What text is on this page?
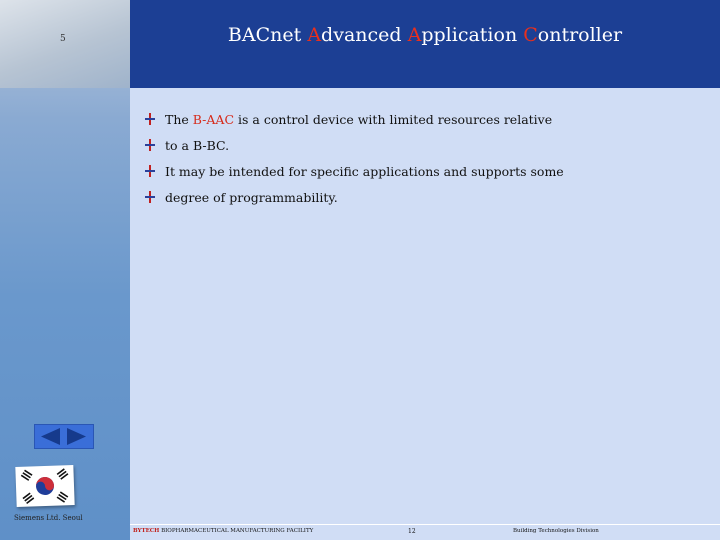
5
Siemens Ltd. Seoul
BACnet Advanced Application Controller
The B-AAC is a control device with limited resources relative
to a B-BC.
It may be intended for specific applications and supports some
degree of programmability.
BYTECH BIOPHARMACEUTICAL MANUFACTURING FACILITY	12	Building Technologies Division
